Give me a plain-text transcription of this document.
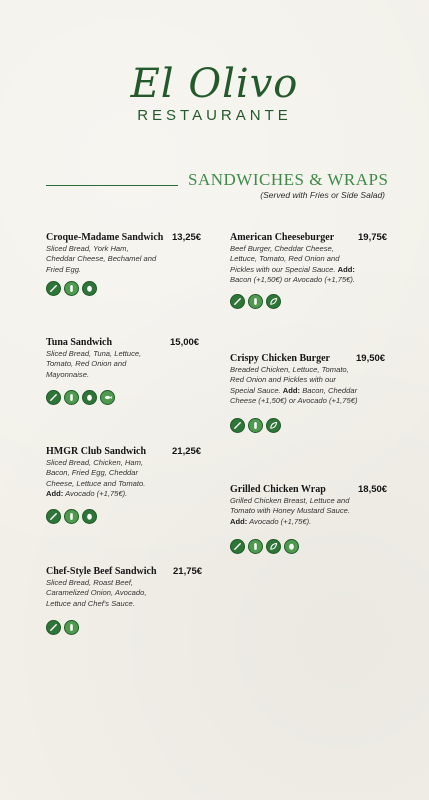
El Olivo
RESTAURANTE
SANDWICHES & WRAPS
(Served with Fries or Side Salad)
Croque-Madame Sandwich 13,25€
Sliced Bread, York Ham, Cheddar Cheese, Bechamel and Fried Egg.
Tuna Sandwich	15,00€
Sliced Bread, Tuna, Lettuce, Tomato, Red Onion and Mayonnaise.
HMGR Club Sandwich	21,25€
Sliced Bread, Chicken, Ham, Bacon, Fried Egg, Cheddar Cheese, Lettuce and Tomato. Add: Avocado (+1,75€).
Chef-Style Beef Sandwich	21,75€
Sliced Bread, Roast Beef, Caramelized Onion, Avocado, Lettuce and Chef's Sauce.
American Cheeseburger	19,75€
Beef Burger, Cheddar Cheese, Lettuce, Tomato, Red Onion and Pickles with our Special Sauce. Add: Bacon (+1,50€) or Avocado (+1,75€).
Crispy Chicken Burger	19,50€
Breaded Chicken, Lettuce, Tomato, Red Onion and Pickles with our Special Sauce. Add: Bacon, Cheddar Cheese (+1,50€) or Avocado (+1,75€)
Grilled Chicken Wrap	18,50€
Grilled Chicken Breast, Lettuce and Tomato with Honey Mustard Sauce. Add: Avocado (+1,75€).
